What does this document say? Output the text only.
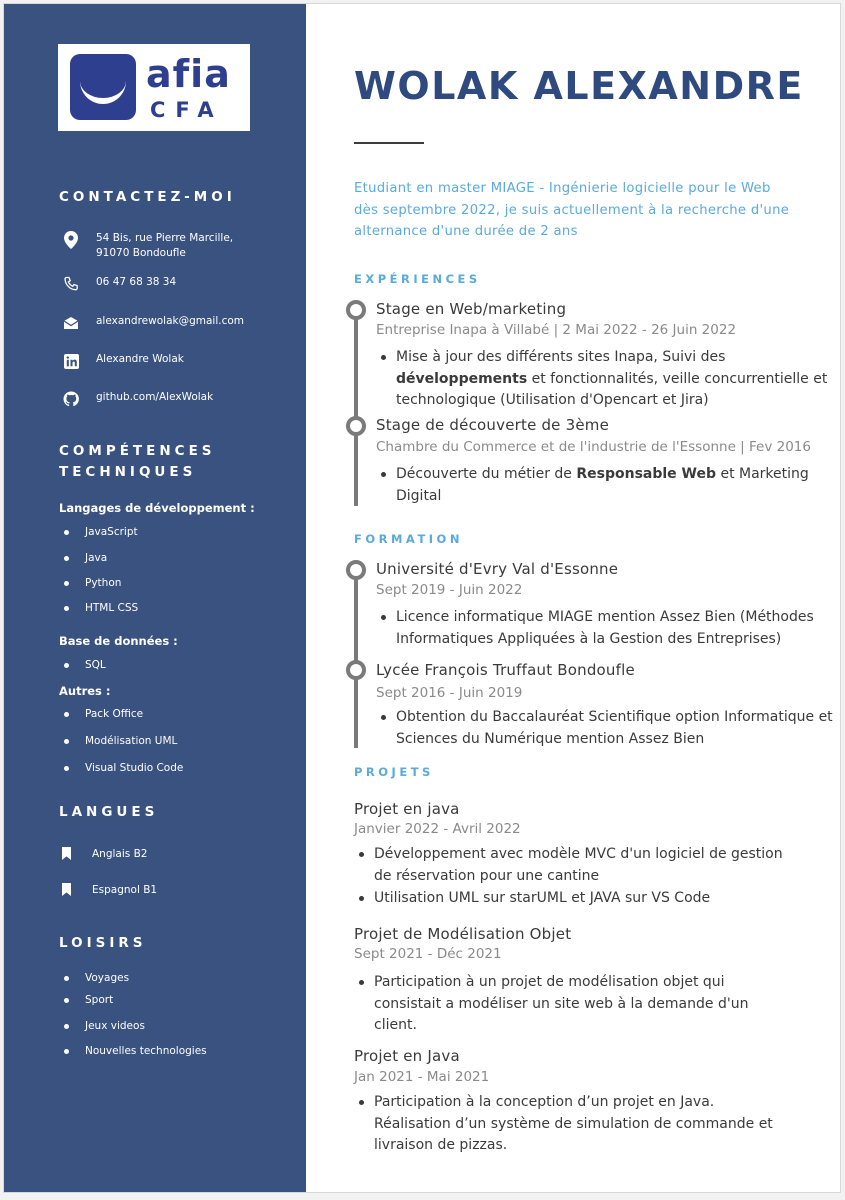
afia
CFA
CONTACTEZ-MOI
54 Bis, rue Pierre Marcille,
91070 Bondoufle
06 47 68 38 34
alexandrewolak@gmail.com
Alexandre Wolak
github.com/AlexWolak
COMPÉTENCES
TECHNIQUES
Langages de développement :
JavaScript
Java
Python
HTML CSS
Base de données :
SQL
Autres :
Pack Office
Modélisation UML
Visual Studio Code
LANGUES
Anglais B2
Espagnol B1
LOISIRS
Voyages
Sport
Jeux videos
Nouvelles technologies
WOLAK ALEXANDRE
Etudiant en master MIAGE - Ingénierie logicielle pour le Web dès septembre 2022, je suis actuellement à la recherche d'une alternance d'une durée de 2 ans
EXPÉRIENCES
Stage en Web/marketing
Entreprise Inapa à Villabé | 2 Mai 2022 - 26 Juin 2022
Mise à jour des différents sites Inapa, Suivi des développements et fonctionnalités, veille concurrentielle et technologique (Utilisation d'Opencart et Jira)
Stage de découverte de 3ème
Chambre du Commerce et de l'industrie de l'Essonne | Fev 2016
Découverte du métier de Responsable Web et Marketing Digital
FORMATION
Université d'Evry Val d'Essonne
Sept 2019 - Juin 2022
Licence informatique MIAGE mention Assez Bien (Méthodes Informatiques Appliquées à la Gestion des Entreprises)
Lycée François Truffaut Bondoufle
Sept 2016 - Juin 2019
Obtention du Baccalauréat Scientifique option Informatique et Sciences du Numérique mention Assez Bien
PROJETS
Projet en java
Janvier 2022 - Avril 2022
Développement avec modèle MVC d'un logiciel de gestion de réservation pour une cantine
Utilisation UML sur starUML et JAVA sur VS Code
Projet de Modélisation Objet
Sept 2021 - Déc 2021
Participation à un projet de modélisation objet qui consistait a modéliser un site web à la demande d'un client.
Projet en Java
Jan 2021 - Mai 2021
Participation à la conception d’un projet en Java. Réalisation d’un système de simulation de commande et livraison de pizzas.
